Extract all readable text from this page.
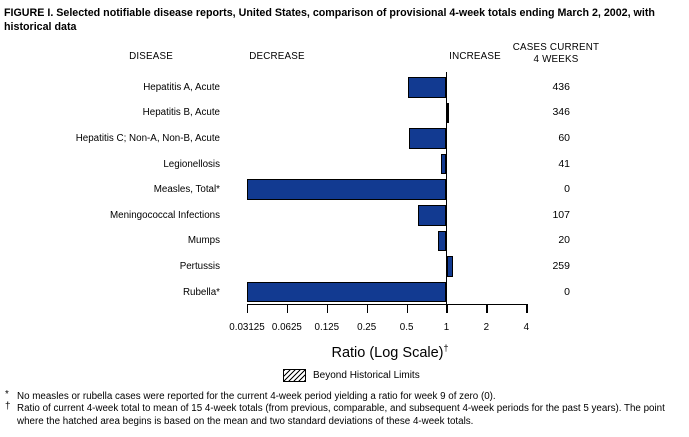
FIGURE I. Selected notifiable disease reports, United States, comparison of provisional 4-week totals ending March 2, 2002, with historical data
DISEASE	DECREASE	INCREASE
CASES CURRENT
4 WEEKS
Hepatitis A, Acute	436
Hepatitis B, Acute	346
Hepatitis C; Non-A, Non-B, Acute	60
Legionellosis	41
Measles, Total*	0
Meningococcal Infections	107
Mumps	20
Pertussis	259
Rubella*	0
0.03125 0.0625	0.125	0.25	0.5	1	2	4
Ratio (Log Scale)†
Beyond Historical Limits
* No measles or rubella cases were reported for the current 4-week period yielding a ratio for week 9 of zero (0).
† Ratio of current 4-week total to mean of 15 4-week totals (from previous, comparable, and subsequent 4-week periods for the past 5 years). The point where the hatched area begins is based on the mean and two standard deviations of these 4-week totals.
